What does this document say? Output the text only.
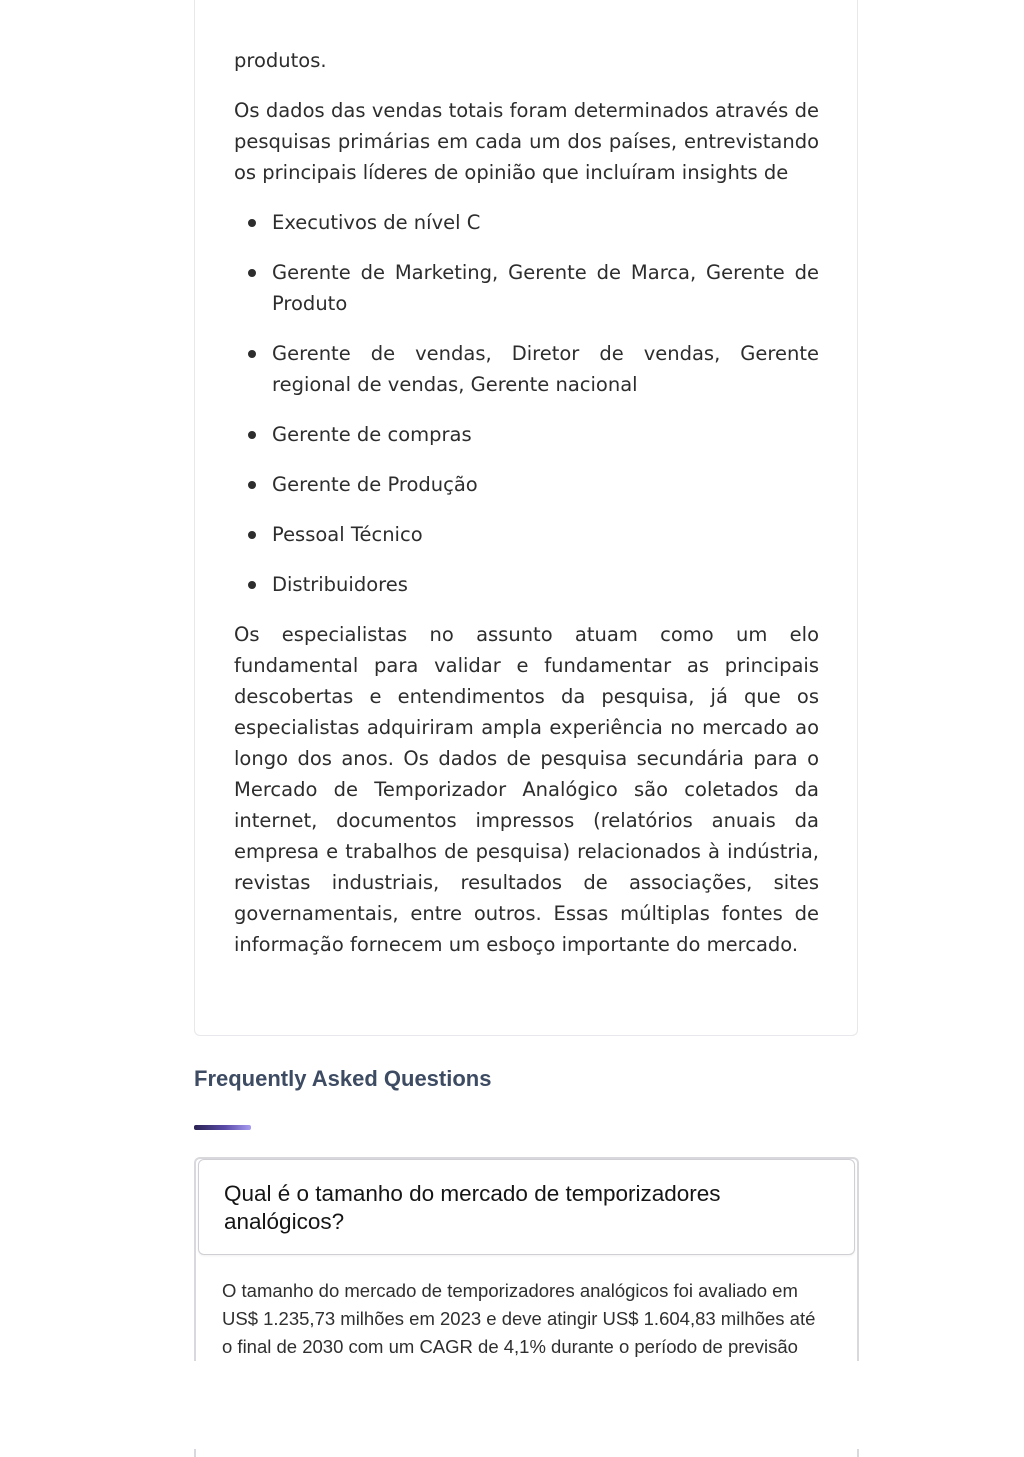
produtos.

Os dados das vendas totais foram determinados através de pesquisas primárias em cada um dos países, entrevistando os principais líderes de opinião que incluíram insights de

Executivos de nível C
Gerente de Marketing, Gerente de Marca, Gerente de Produto
Gerente de vendas, Diretor de vendas, Gerente regional de vendas, Gerente nacional
Gerente de compras
Gerente de Produção
Pessoal Técnico
Distribuidores

Os especialistas no assunto atuam como um elo fundamental para validar e fundamentar as principais descobertas e entendimentos da pesquisa, já que os especialistas adquiriram ampla experiência no mercado ao longo dos anos. Os dados de pesquisa secundária para o Mercado de Temporizador Analógico são coletados da internet, documentos impressos (relatórios anuais da empresa e trabalhos de pesquisa) relacionados à indústria, revistas industriais, resultados de associações, sites governamentais, entre outros. Essas múltiplas fontes de informação fornecem um esboço importante do mercado.

Frequently Asked Questions
Qual é o tamanho do mercado de temporizadores analógicos?
O tamanho do mercado de temporizadores analógicos foi avaliado em US$ 1.235,73 milhões em 2023 e deve atingir US$ 1.604,83 milhões até o final de 2030 com um CAGR de 4,1% durante o período de previsão
